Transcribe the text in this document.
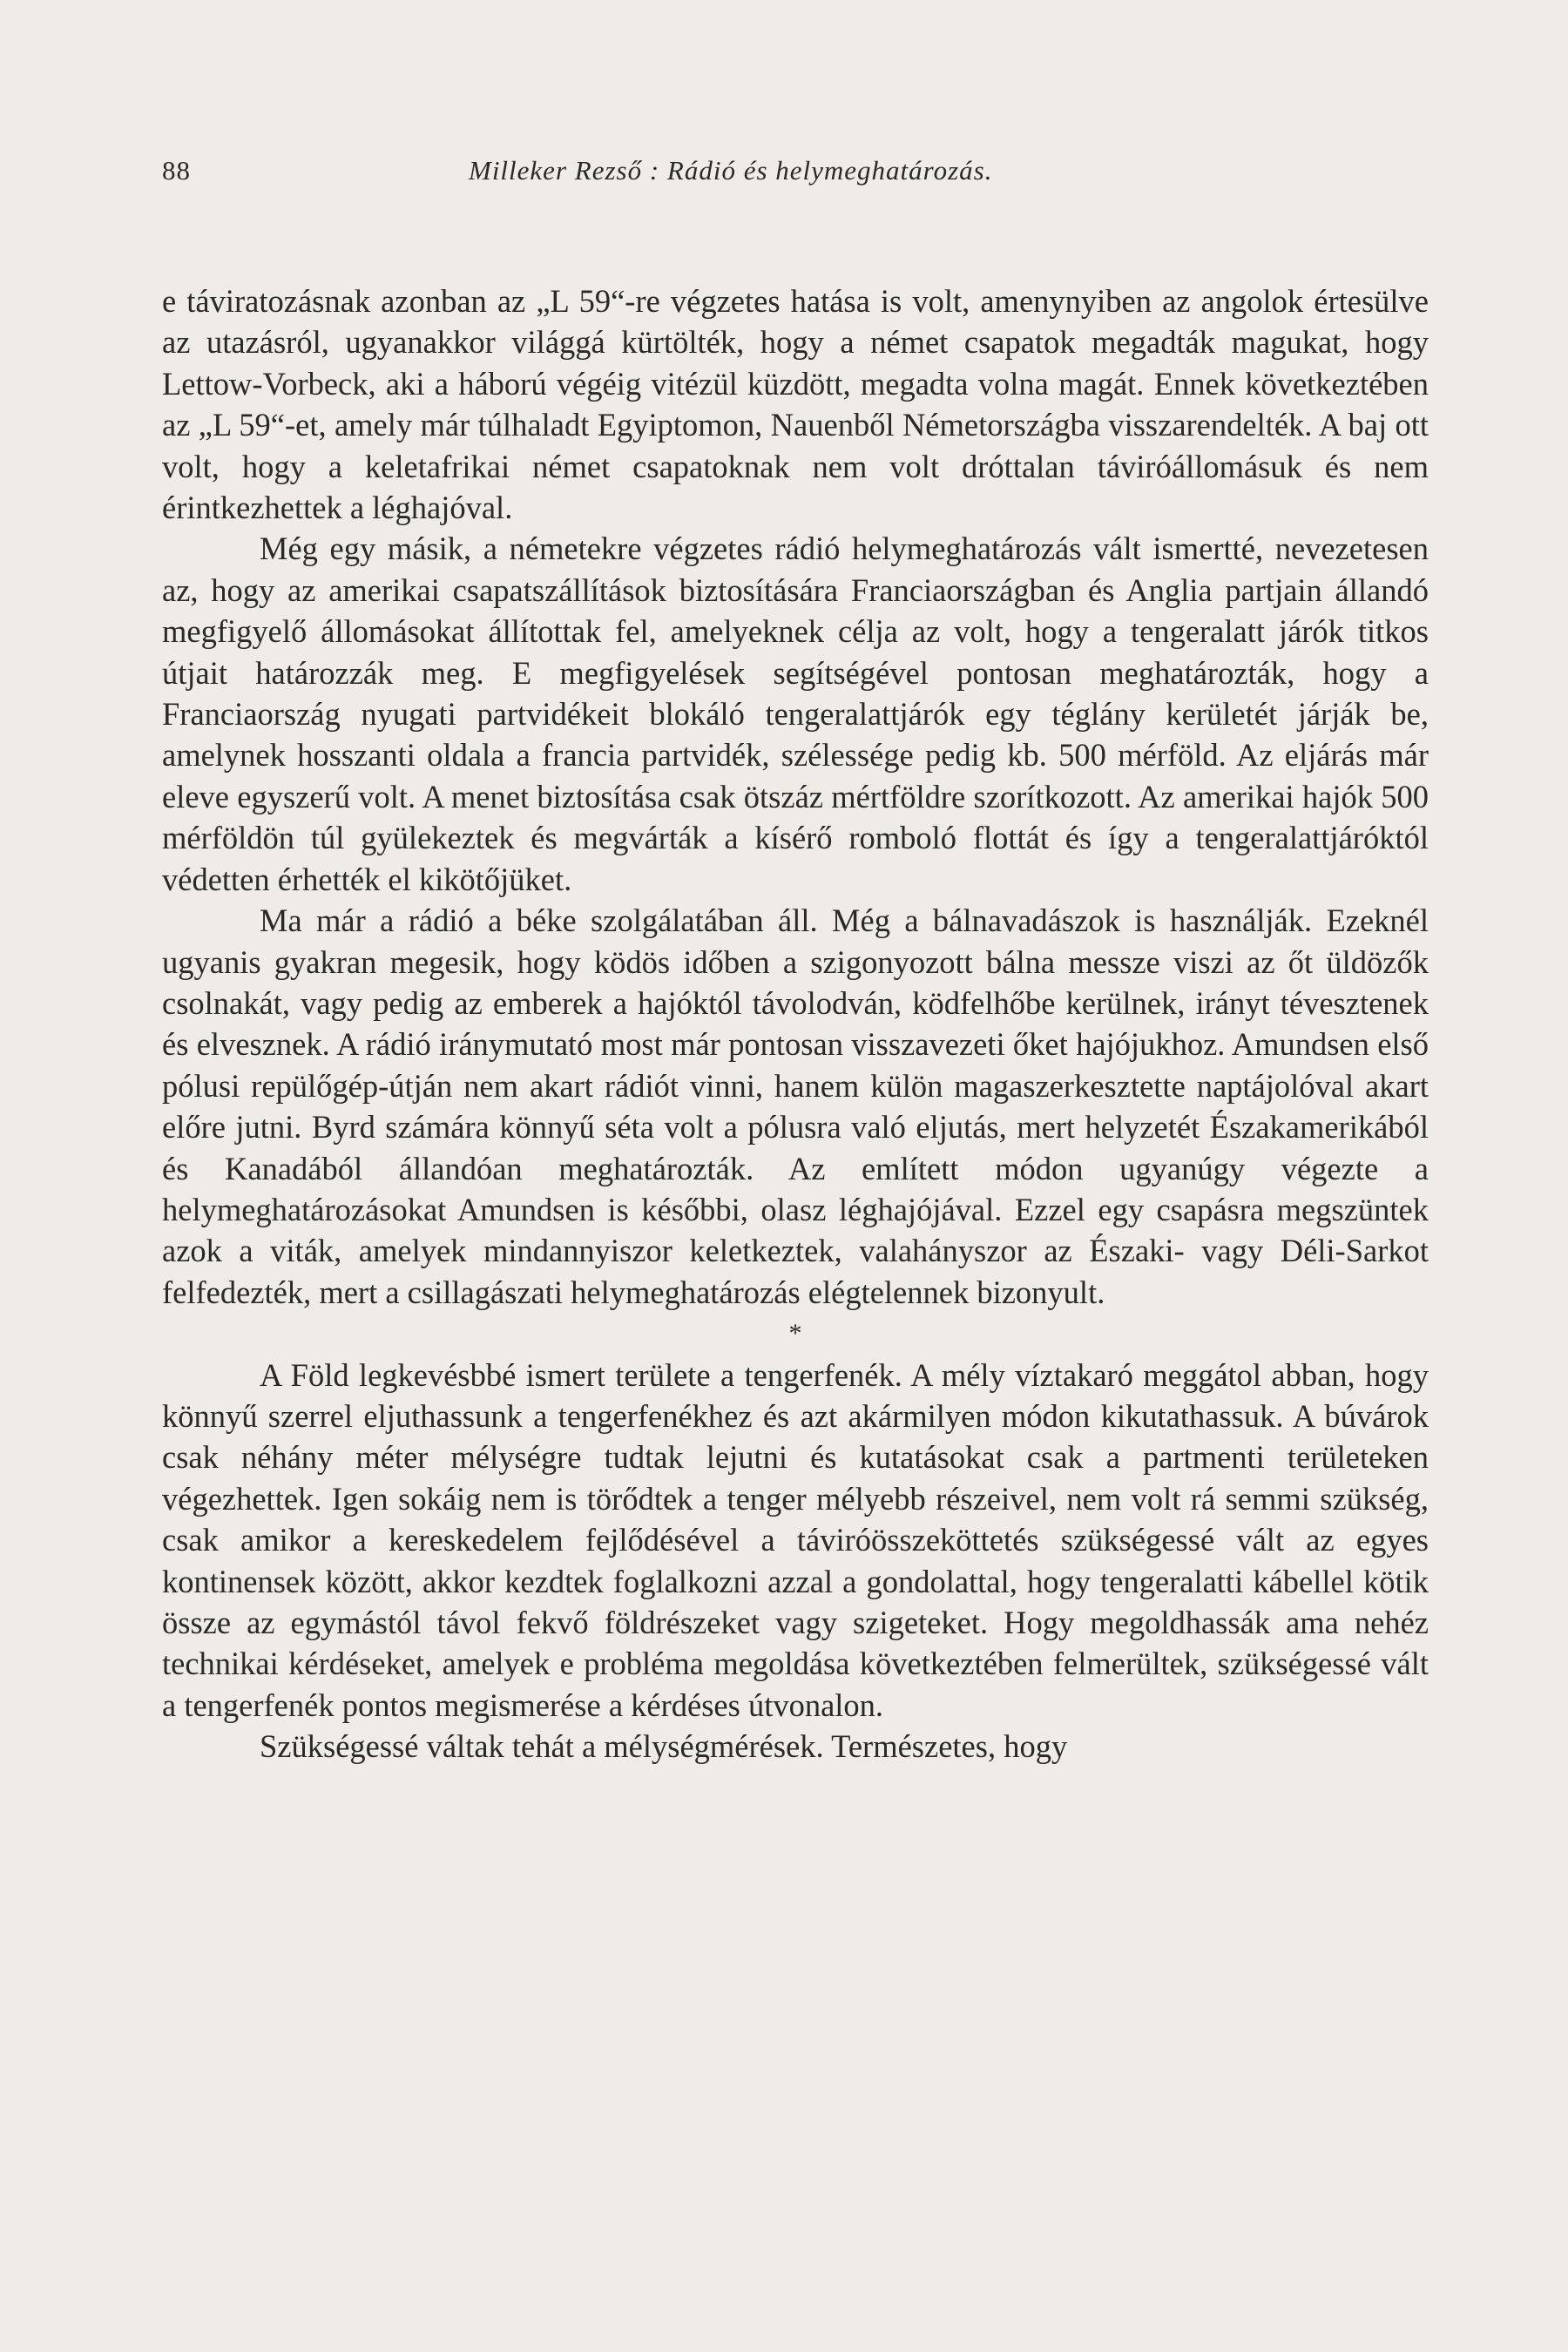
88	Milleker Rezső : Rádió és helymeghatározás.

e táviratozásnak azonban az „L 59“-re végzetes hatása is volt, amenynyiben az angolok értesülve az utazásról, ugyanakkor világgá kürtölték, hogy a német csapatok megadták magukat, hogy Lettow-Vorbeck, aki a háború végéig vitézül küzdött, megadta volna magát. Ennek következtében az „L 59“-et, amely már túlhaladt Egyiptomon, Nauenből Németországba visszarendelték. A baj ott volt, hogy a keletafrikai német csapatoknak nem volt dróttalan táviróállomásuk és nem érintkezhettek a léghajóval.

Még egy másik, a németekre végzetes rádió helymeghatározás vált ismertté, nevezetesen az, hogy az amerikai csapatszállítások biztosítására Franciaországban és Anglia partjain állandó megfigyelő állomásokat állítottak fel, amelyeknek célja az volt, hogy a tengeralatt járók titkos útjait határozzák meg. E megfigyelések segítségével pontosan meghatározták, hogy a Franciaország nyugati partvidékeit blokáló tengeralattjárók egy téglány kerületét járják be, amelynek hosszanti oldala a francia partvidék, szélessége pedig kb. 500 mérföld. Az eljárás már eleve egyszerű volt. A menet biztosítása csak ötszáz mértföldre szorítkozott. Az amerikai hajók 500 mérföldön túl gyülekeztek és megvárták a kísérő romboló flottát és így a tengeralattjáróktól védetten érhették el kikötőjüket.

Ma már a rádió a béke szolgálatában áll. Még a bálnavadászok is használják. Ezeknél ugyanis gyakran megesik, hogy ködös időben a szigonyozott bálna messze viszi az őt üldözők csolnakát, vagy pedig az emberek a hajóktól távolodván, ködfelhőbe kerülnek, irányt tévesztenek és elvesznek. A rádió iránymutató most már pontosan visszavezeti őket hajójukhoz. Amundsen első pólusi repülőgép-útján nem akart rádiót vinni, hanem külön magaszerkesztette naptájolóval akart előre jutni. Byrd számára könnyű séta volt a pólusra való eljutás, mert helyzetét Északamerikából és Kanadából állandóan meghatározták. Az említett módon ugyanúgy végezte a helymeghatározásokat Amundsen is későbbi, olasz léghajójával. Ezzel egy csapásra megszüntek azok a viták, amelyek mindannyiszor keletkeztek, valahányszor az Északi- vagy Déli-Sarkot felfedezték, mert a csillagászati helymeghatározás elégtelennek bizonyult.

*

A Föld legkevésbbé ismert területe a tengerfenék. A mély víztakaró meggátol abban, hogy könnyű szerrel eljuthassunk a tengerfenékhez és azt akármilyen módon kikutathassuk. A búvárok csak néhány méter mélységre tudtak lejutni és kutatásokat csak a partmenti területeken végezhettek. Igen sokáig nem is törődtek a tenger mélyebb részeivel, nem volt rá semmi szükség, csak amikor a kereskedelem fejlődésével a táviróösszeköttetés szükségessé vált az egyes kontinensek között, akkor kezdtek foglalkozni azzal a gondolattal, hogy tengeralatti kábellel kötik össze az egymástól távol fekvő földrészeket vagy szigeteket. Hogy megoldhassák ama nehéz technikai kérdéseket, amelyek e probléma megoldása következtében felmerültek, szükségessé vált a tengerfenék pontos megismerése a kérdéses útvonalon.

Szükségessé váltak tehát a mélységmérések. Természetes, hogy
